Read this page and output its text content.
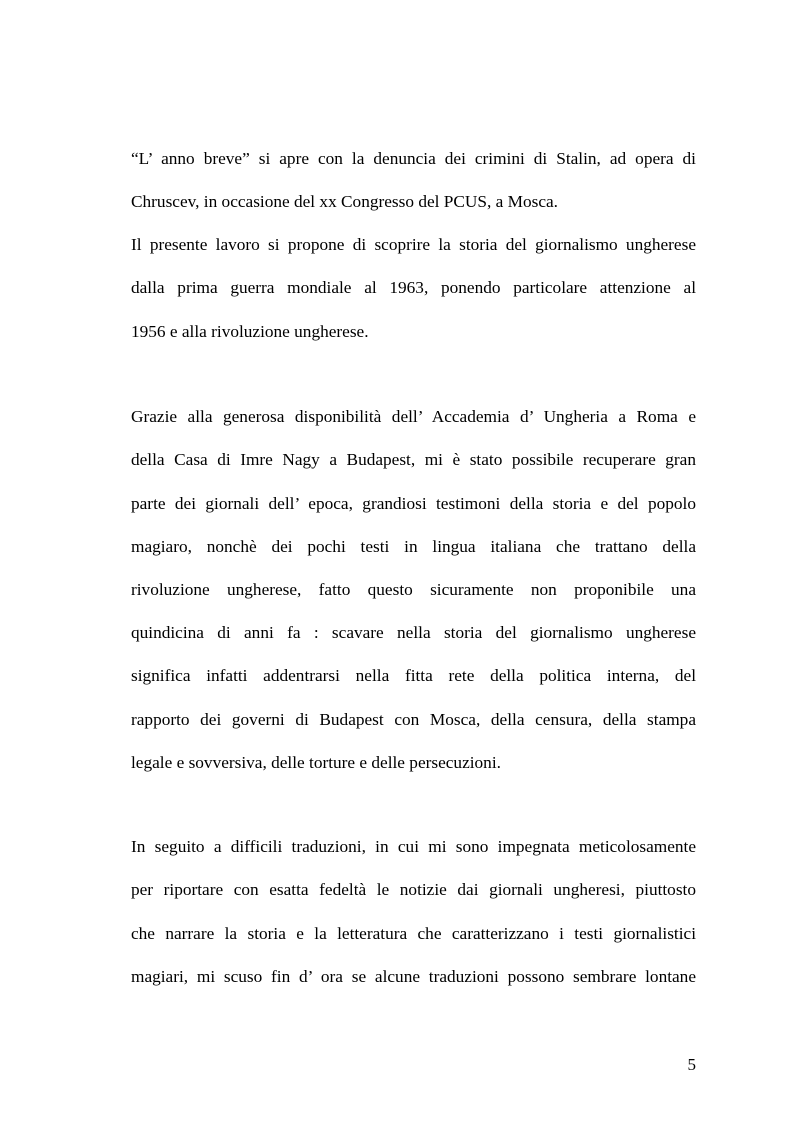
“L’ anno breve” si apre con la denuncia dei crimini di Stalin, ad opera di
Chruscev, in occasione del xx Congresso del PCUS, a Mosca.

Il presente lavoro si propone di scoprire la storia del giornalismo ungherese
dalla prima guerra mondiale al 1963, ponendo particolare attenzione al
1956 e alla rivoluzione ungherese.

Grazie alla generosa disponibilità dell’ Accademia d’ Ungheria a Roma e
della Casa di Imre Nagy a Budapest, mi è stato possibile recuperare gran
parte dei giornali dell’ epoca, grandiosi testimoni della storia e del popolo
magiaro, nonchè dei pochi testi in lingua italiana che trattano della
rivoluzione ungherese, fatto questo sicuramente non proponibile una
quindicina di anni fa : scavare nella storia del giornalismo ungherese
significa infatti addentrarsi nella fitta rete della politica interna, del
rapporto dei governi di Budapest con Mosca, della censura, della stampa
legale e sovversiva, delle torture e delle persecuzioni.

In seguito a difficili traduzioni, in cui mi sono impegnata meticolosamente
per riportare con esatta fedeltà le notizie dai giornali ungheresi, piuttosto
che narrare la storia e la letteratura che caratterizzano i testi giornalistici
magiari, mi scuso fin d’ ora se alcune traduzioni possono sembrare lontane

5
